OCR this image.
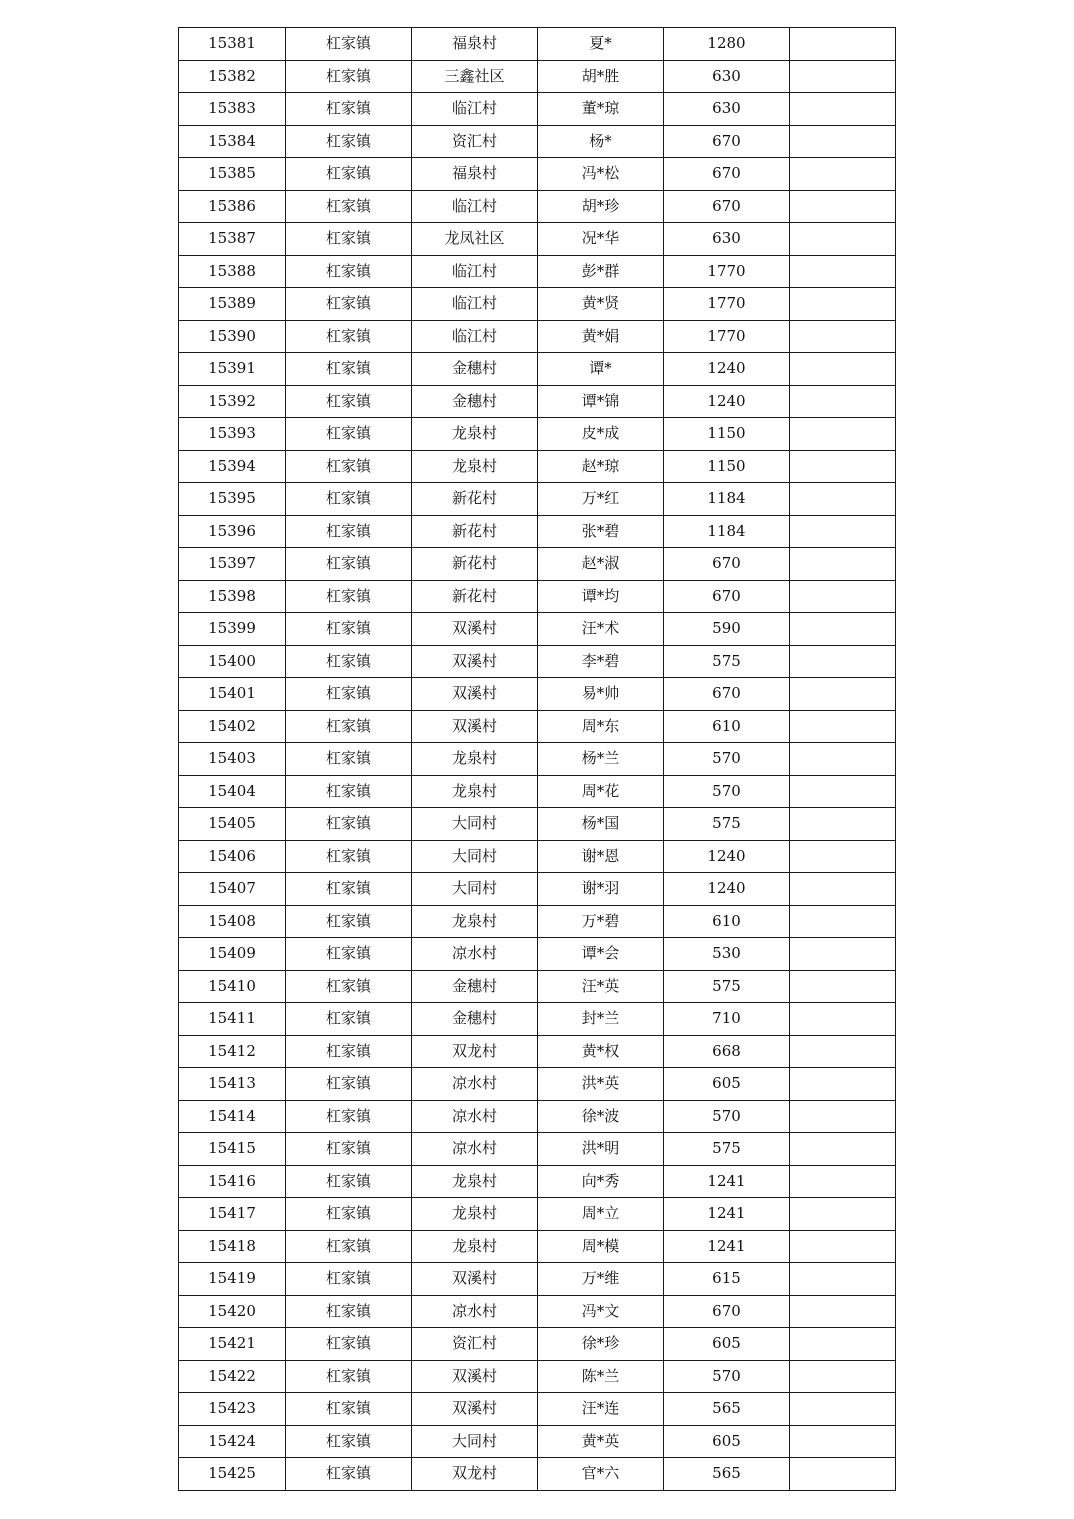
15381	杠家镇	福泉村	夏*	1280	
15382	杠家镇	三鑫社区	胡*胜	630	
15383	杠家镇	临江村	董*琼	630	
15384	杠家镇	资汇村	杨*	670	
15385	杠家镇	福泉村	冯*松	670	
15386	杠家镇	临江村	胡*珍	670	
15387	杠家镇	龙凤社区	况*华	630	
15388	杠家镇	临江村	彭*群	1770	
15389	杠家镇	临江村	黄*贤	1770	
15390	杠家镇	临江村	黄*娟	1770	
15391	杠家镇	金穗村	谭*	1240	
15392	杠家镇	金穗村	谭*锦	1240	
15393	杠家镇	龙泉村	皮*成	1150	
15394	杠家镇	龙泉村	赵*琼	1150	
15395	杠家镇	新花村	万*红	1184	
15396	杠家镇	新花村	张*碧	1184	
15397	杠家镇	新花村	赵*淑	670	
15398	杠家镇	新花村	谭*均	670	
15399	杠家镇	双溪村	汪*术	590	
15400	杠家镇	双溪村	李*碧	575	
15401	杠家镇	双溪村	易*帅	670	
15402	杠家镇	双溪村	周*东	610	
15403	杠家镇	龙泉村	杨*兰	570	
15404	杠家镇	龙泉村	周*花	570	
15405	杠家镇	大同村	杨*国	575	
15406	杠家镇	大同村	谢*恩	1240	
15407	杠家镇	大同村	谢*羽	1240	
15408	杠家镇	龙泉村	万*碧	610	
15409	杠家镇	凉水村	谭*会	530	
15410	杠家镇	金穗村	汪*英	575	
15411	杠家镇	金穗村	封*兰	710	
15412	杠家镇	双龙村	黄*权	668	
15413	杠家镇	凉水村	洪*英	605	
15414	杠家镇	凉水村	徐*波	570	
15415	杠家镇	凉水村	洪*明	575	
15416	杠家镇	龙泉村	向*秀	1241	
15417	杠家镇	龙泉村	周*立	1241	
15418	杠家镇	龙泉村	周*模	1241	
15419	杠家镇	双溪村	万*维	615	
15420	杠家镇	凉水村	冯*文	670	
15421	杠家镇	资汇村	徐*珍	605	
15422	杠家镇	双溪村	陈*兰	570	
15423	杠家镇	双溪村	汪*连	565	
15424	杠家镇	大同村	黄*英	605	
15425	杠家镇	双龙村	官*六	565	
